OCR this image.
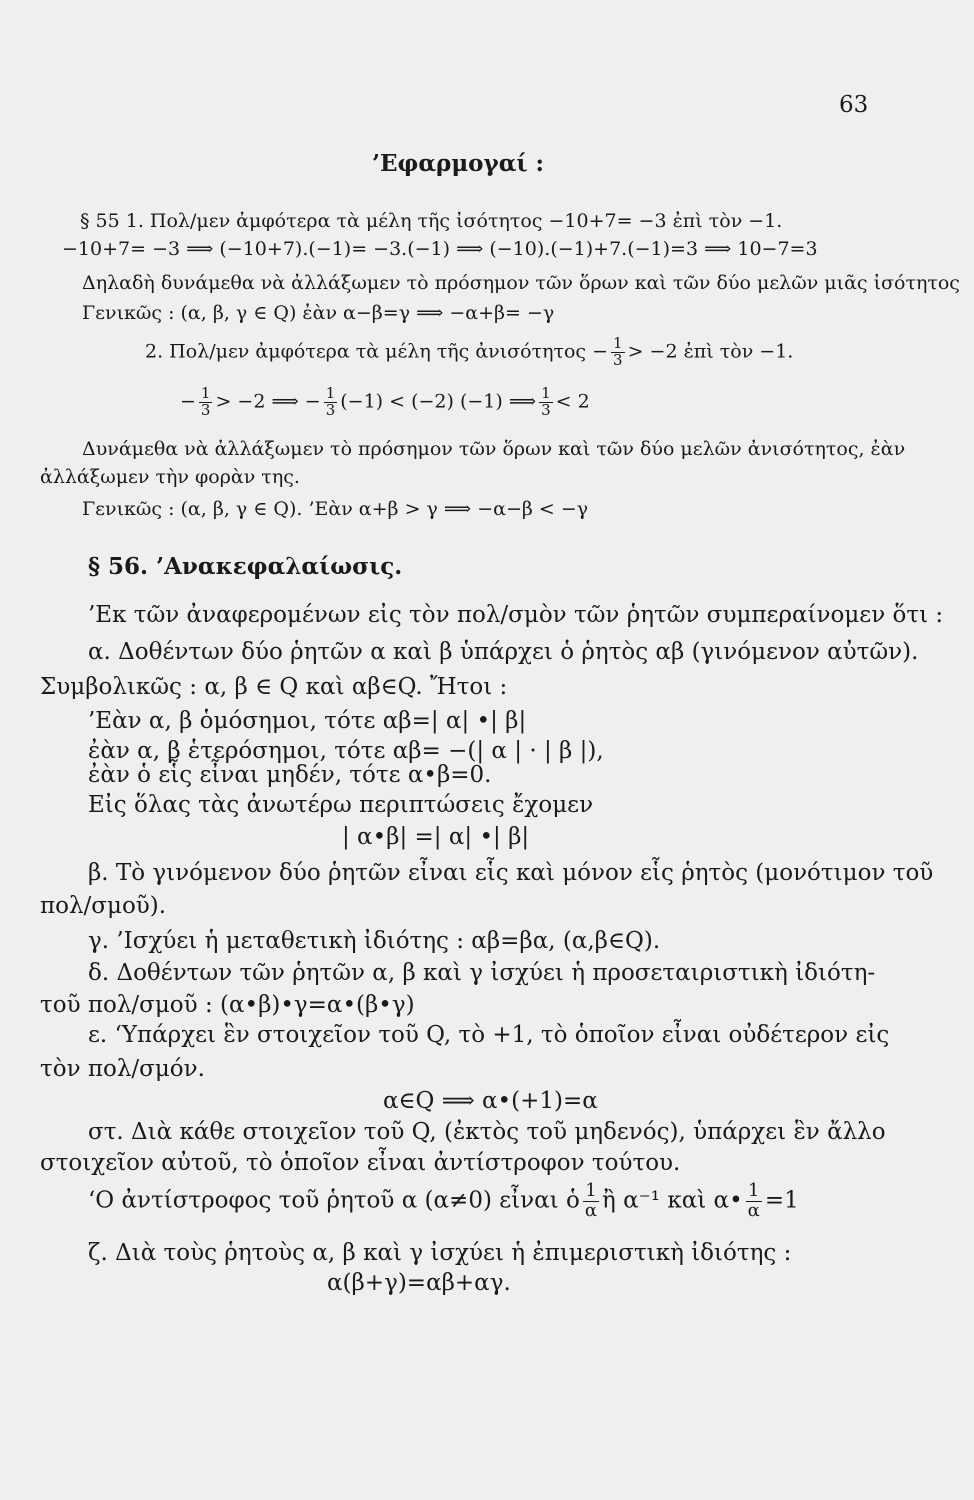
63
’Εφαρμογαί :
§ 55 1. Πολ/μεν ἀμφότερα τὰ μέλη τῆς ἰσότητος −10+7= −3 ἐπὶ τὸν −1.
−10+7= −3 ⟹ (−10+7).(−1)= −3.(−1) ⟹ (−10).(−1)+7.(−1)=3 ⟹ 10−7=3
Δηλαδὴ δυνάμεθα νὰ ἀλλάξωμεν τὸ πρόσημον τῶν ὅρων καὶ τῶν δύο μελῶν μιᾶς ἰσότητος
Γενικῶς : (α, β, γ ∈ Q) ἐὰν α−β=γ ⟹ −α+β= −γ
2. Πολ/μεν ἀμφότερα τὰ μέλη τῆς ἀνισότητος − $\frac{1}{3} > -2$ ἐπὶ τὸν −1.
− $\frac{1}{3} > -2$ ⟹ − $\frac{1}{3} (-1) < (-2)$ (−1) ⟹ $\frac{1}{3} < 2$
Δυνάμεθα νὰ ἀλλάξωμεν τὸ πρόσημον τῶν ὅρων καὶ τῶν δύο μελῶν ἀνισότητος, ἐὰν
ἀλλάξωμεν τὴν φορὰν της.
Γενικῶς : (α, β, γ ∈ Q). ’Εὰν α+β > γ ⟹ −α−β < −γ
§ 56. ’Ανακεφαλαίωσις.
’Εκ τῶν ἀναφερομένων εἰς τὸν πολ/σμὸν τῶν ῥητῶν συμπεραίνομεν ὅτι :
α. Δοθέντων δύο ῥητῶν α καὶ β ὑπάρχει ὁ ῥητὸς αβ (γινόμενον αὐτῶν).
Συμβολικῶς : α, β ∈ Q καὶ αβ∈Q. Ἤτοι :
’Εὰν α, β ὁμόσημοι, τότε αβ=| α| •| β|
ἐὰν α, β ἑτερόσημοι, τότε αβ= −(| α | · | β |),
ἐὰν ὁ εἷς εἶναι μηδέν, τότε α•β=0.
Εἰς ὅλας τὰς ἀνωτέρω περιπτώσεις ἔχομεν
| α•β| =| α| •| β|
β. Τὸ γινόμενον δύο ῥητῶν εἶναι εἷς καὶ μόνον εἷς ῥητὸς (μονότιμον τοῦ
πολ/σμοῦ).
γ. ’Ισχύει ἡ μεταθετικὴ ἰδιότης : αβ=βα, (α,β∈Q).
δ. Δοθέντων τῶν ῥητῶν α, β καὶ γ ἰσχύει ἡ προσεταιριστικὴ ἰδιότη-
τοῦ πολ/σμοῦ : (α•β)•γ=α•(β•γ)
ε. ‘Υπάρχει ἓν στοιχεῖον τοῦ Q, τὸ +1, τὸ ὁποῖον εἶναι οὐδέτερον εἰς
τὸν πολ/σμόν.
α∈Q ⟹ α•(+1)=α
στ. Διὰ κάθε στοιχεῖον τοῦ Q, (ἐκτὸς τοῦ μηδενός), ὑπάρχει ἓν ἄλλο
στοιχεῖον αὐτοῦ, τὸ ὁποῖον εἶναι ἀντίστροφον τούτου.
‘Ο ἀντίστροφος τοῦ ῥητοῦ α (α≠0) εἶναι ὁ $\frac{1}{\alpha}$ ἢ α⁻¹ καὶ α• $\frac{1}{\alpha} =1$
ζ. Διὰ τοὺς ῥητοὺς α, β καὶ γ ἰσχύει ἡ ἐπιμεριστικὴ ἰδιότης :
α(β+γ)=αβ+αγ.
